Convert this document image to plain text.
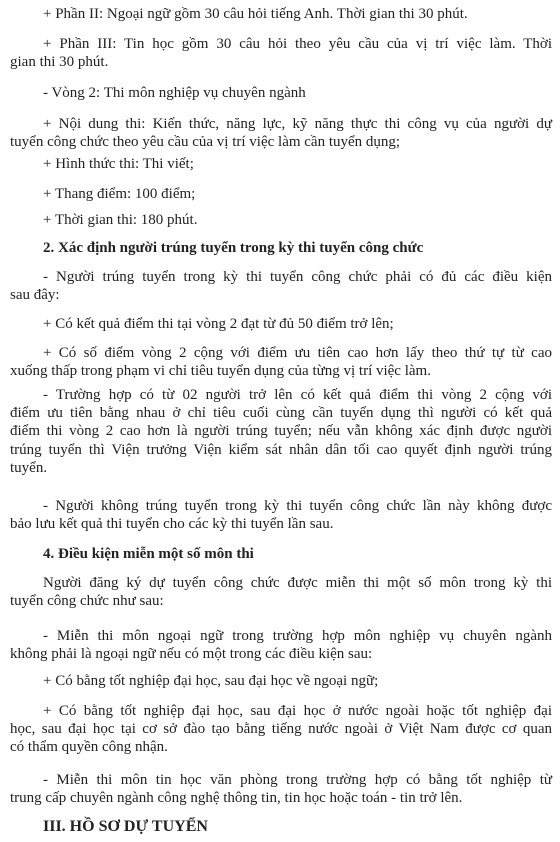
+ Phần II: Ngoại ngữ gồm 30 câu hỏi tiếng Anh. Thời gian thi 30 phút.

+ Phần III: Tin học gồm 30 câu hỏi theo yêu cầu của vị trí việc làm. Thời

gian thi 30 phút.

- Vòng 2: Thi môn nghiệp vụ chuyên ngành

+ Nội dung thi: Kiến thức, năng lực, kỹ năng thực thi công vụ của người dự

tuyển công chức theo yêu cầu của vị trí việc làm cần tuyển dụng;

+ Hình thức thi: Thi viết;

+ Thang điểm: 100 điểm;

+ Thời gian thi: 180 phút.

2. Xác định người trúng tuyển trong kỳ thi tuyển công chức

- Người trúng tuyển trong kỳ thi tuyển công chức phải có đủ các điều kiện

sau đây:

+ Có kết quả điểm thi tại vòng 2 đạt từ đủ 50 điểm trở lên;

+ Có số điểm vòng 2 cộng với điểm ưu tiên cao hơn lấy theo thứ tự từ cao

xuống thấp trong phạm vi chỉ tiêu tuyển dụng của từng vị trí việc làm.

- Trường hợp có từ 02 người trở lên có kết quả điểm thi vòng 2 cộng với

điểm ưu tiên bằng nhau ở chỉ tiêu cuối cùng cần tuyển dụng thì người có kết quả

điểm thi vòng 2 cao hơn là người trúng tuyển; nếu vẫn không xác định được người

trúng tuyển thì Viện trưởng Viện kiểm sát nhân dân tối cao quyết định người trúng

tuyển.

- Người không trúng tuyển trong kỳ thi tuyển công chức lần này không được

bảo lưu kết quả thi tuyển cho các kỳ thi tuyển lần sau.

4. Điều kiện miễn một số môn thi

Người đăng ký dự tuyển công chức được miễn thi một số môn trong kỳ thi

tuyển công chức như sau:

- Miễn thi môn ngoại ngữ trong trường hợp môn nghiệp vụ chuyên ngành

không phải là ngoại ngữ nếu có một trong các điều kiện sau:

+ Có bằng tốt nghiệp đại học, sau đại học về ngoại ngữ;

+ Có bằng tốt nghiệp đại học, sau đại học ở nước ngoài hoặc tốt nghiệp đại

học, sau đại học tại cơ sở đào tạo bằng tiếng nước ngoài ở Việt Nam được cơ quan

có thẩm quyền công nhận.

- Miễn thi môn tin học văn phòng trong trường hợp có bằng tốt nghiệp từ

trung cấp chuyên ngành công nghệ thông tin, tin học hoặc toán - tin trở lên.

III. HỒ SƠ DỰ TUYỂN
